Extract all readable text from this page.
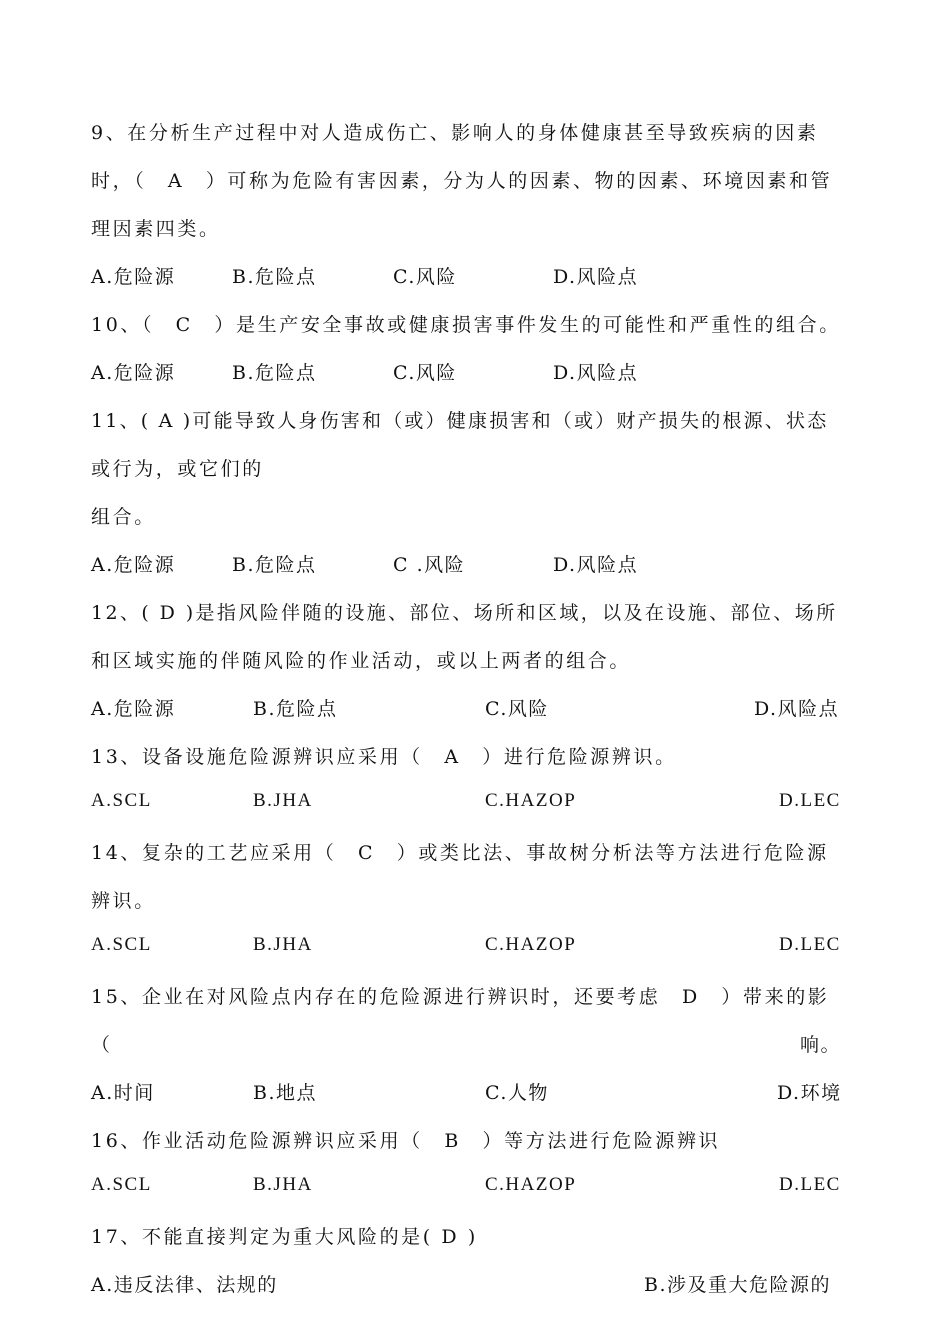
9、在分析生产过程中对人造成伤亡、影响人的身体健康甚至导致疾病的因素
时，（　A　）可称为危险有害因素，分为人的因素、物的因素、环境因素和管
理因素四类。
A.危险源	B.危险点	C.风险	D.风险点
10、（　C　）是生产安全事故或健康损害事件发生的可能性和严重性的组合。
A.危险源	B.危险点	C.风险	D.风险点
11、( A )可能导致人身伤害和（或）健康损害和（或）财产损失的根源、状态
或行为，或它们的
组合。
A.危险源	B.危险点	C .风险	D.风险点
12、( D )是指风险伴随的设施、部位、场所和区域，以及在设施、部位、场所
和区域实施的伴随风险的作业活动，或以上两者的组合。
A.危险源	B.危险点	C.风险	D.风险点
13、设备设施危险源辨识应采用（　A　）进行危险源辨识。
A.SCL	B.JHA	C.HAZOP	D.LEC
14、复杂的工艺应采用（　C　）或类比法、事故树分析法等方法进行危险源
辨识。
A.SCL	B.JHA	C.HAZOP	D.LEC
15、企业在对风险点内存在的危险源进行辨识时，还要考虑　D　）带来的影
（	响。
A.时间	B.地点	C.人物	D.环境
16、作业活动危险源辨识应采用（　B　）等方法进行危险源辨识
A.SCL	B.JHA	C.HAZOP	D.LEC
17、不能直接判定为重大风险的是( D )
A.违反法律、法规的	B.涉及重大危险源的
